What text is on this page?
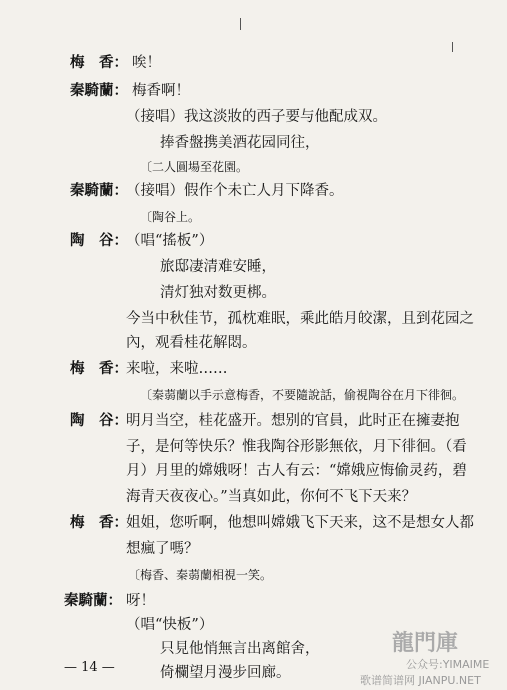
梅　香： 唉！
秦騎蘭： 梅香啊！
（接唱）我这淡妝的西子要与他配成双。
捧香盤携美酒花园同往，
〔二人圓場至花園。
秦騎蘭：
（接唱）假作个未亡人月下降香。
〔陶谷上。
陶　谷：
（唱“搖板”）
旅邸凄清难安睡，
清灯独对数更梆。
今当中秋佳节，孤枕难眠，乘此皓月皎潔，且到花园之
內，观看桂花解悶。
梅　香：
来啦，来啦……
〔秦蒻蘭以手示意梅香，不要隨說話，偷視陶谷在月下徘徊。
陶　谷：
明月当空，桂花盛开。想别的官員，此时正在擁妻抱
子，是何等快乐？惟我陶谷形影無依，月下徘徊。（看
月）月里的嫦娥呀！古人有云：“嫦娥应悔偷灵药，碧
海青天夜夜心。”当真如此，你何不飞下天来？
梅　香：
姐姐，您听啊，他想叫嫦娥飞下天来，这不是想女人都
想瘋了嗎？
〔梅香、秦蒻蘭相視一笑。
秦騎蘭： 呀！
（唱“快板”）
只見他悄無言出离館舍，
倚欄望月漫步回廊。
— 14 —
龍門庫
公众号:YIMAIME
歌谱简谱网 JIANPU.NET
